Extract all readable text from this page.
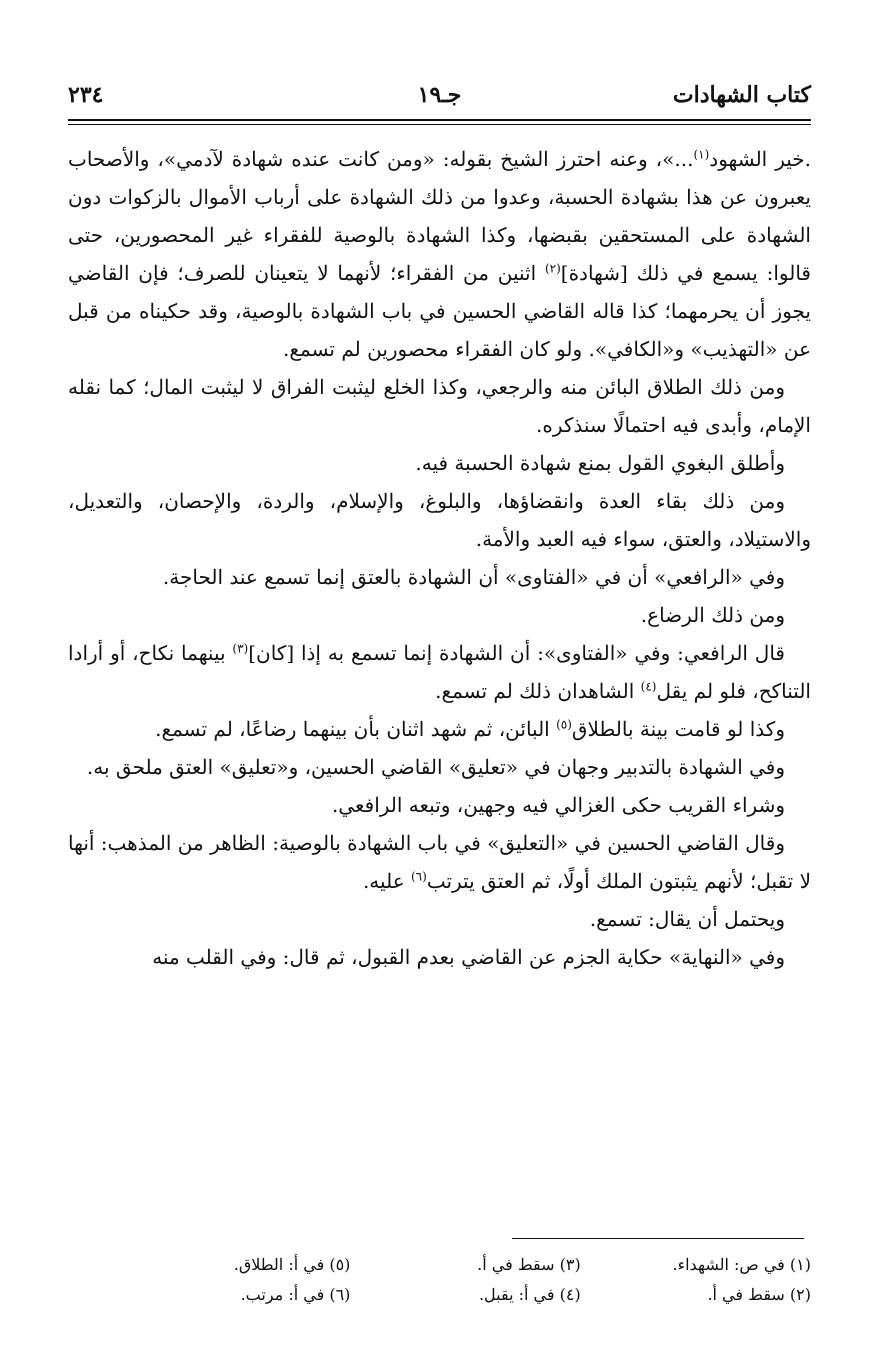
٢٣٤	جـ١٩	كتاب الشهادات

.خير الشهود$^{(١)}$...»، وعنه احترز الشيخ بقوله: «ومن كانت عنده شهادة لآدمي»، والأصحاب يعبرون عن هذا بشهادة الحسبة، وعدوا من ذلك الشهادة على أرباب الأموال بالزكوات دون الشهادة على المستحقين بقبضها، وكذا الشهادة بالوصية للفقراء غير المحصورين، حتى قالوا: يسمع في ذلك [شهادة]$^{(٢)}$ اثنين من الفقراء؛ لأنهما لا يتعينان للصرف؛ فإن القاضي يجوز أن يحرمهما؛ كذا قاله القاضي الحسين في باب الشهادة بالوصية، وقد حكيناه من قبل عن «التهذيب» و«الكافي». ولو كان الفقراء محصورين لم تسمع.

ومن ذلك الطلاق البائن منه والرجعي، وكذا الخلع ليثبت الفراق لا ليثبت المال؛ كما نقله الإمام، وأبدى فيه احتمالًا سنذكره.

وأطلق البغوي القول بمنع شهادة الحسبة فيه.

ومن ذلك بقاء العدة وانقضاؤها، والبلوغ، والإسلام، والردة، والإحصان، والتعديل، والاستيلاد، والعتق، سواء فيه العبد والأمة.

وفي «الرافعي» أن في «الفتاوى» أن الشهادة بالعتق إنما تسمع عند الحاجة.

ومن ذلك الرضاع.

قال الرافعي: وفي «الفتاوى»: أن الشهادة إنما تسمع به إذا [كان]$^{(٣)}$ بينهما نكاح، أو أرادا التناكح، فلو لم يقل$^{(٤)}$ الشاهدان ذلك لم تسمع.

وكذا لو قامت بينة بالطلاق$^{(٥)}$ البائن، ثم شهد اثنان بأن بينهما رضاعًا، لم تسمع.

وفي الشهادة بالتدبير وجهان في «تعليق» القاضي الحسين، و«تعليق» العتق ملحق به.

وشراء القريب حكى الغزالي فيه وجهين، وتبعه الرافعي.

وقال القاضي الحسين في «التعليق» في باب الشهادة بالوصية: الظاهر من المذهب: أنها لا تقبل؛ لأنهم يثبتون الملك أولًا، ثم العتق يترتب$^{(٦)}$ عليه.

ويحتمل أن يقال: تسمع.

وفي «النهاية» حكاية الجزم عن القاضي بعدم القبول، ثم قال: وفي القلب منه

(١) في ص: الشهداء.
(٣) سقط في أ.
(٥) في أ: الطلاق.
(٢) سقط في أ.
(٤) في أ: يقبل.
(٦) في أ: مرتب.
